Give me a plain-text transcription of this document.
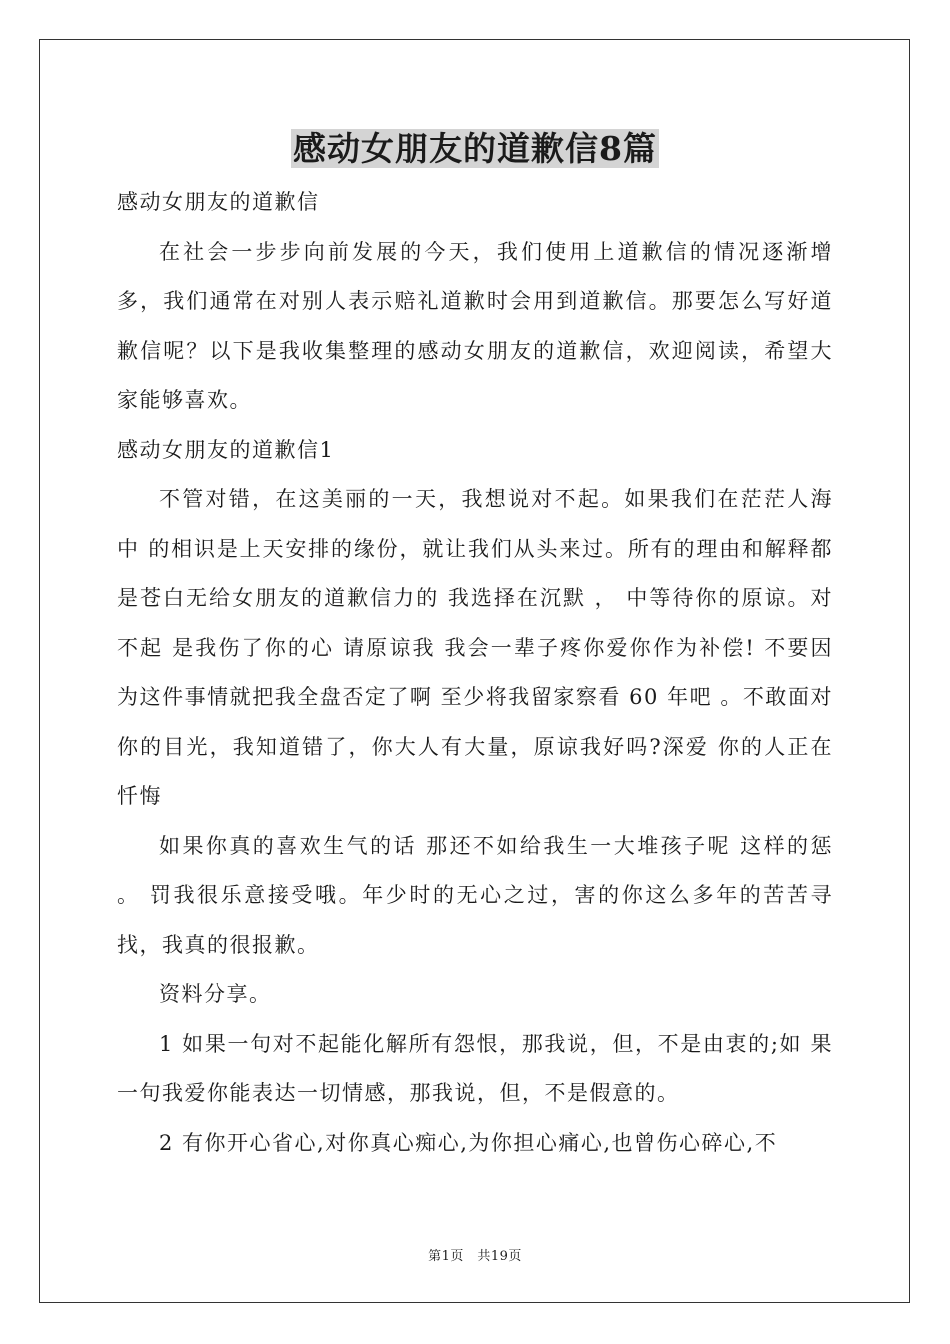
感动女朋友的道歉信8篇

感动女朋友的道歉信

在社会一步步向前发展的今天，我们使用上道歉信的情况逐渐增多，我们通常在对别人表示赔礼道歉时会用到道歉信。那要怎么写好道歉信呢？以下是我收集整理的感动女朋友的道歉信，欢迎阅读，希望大家能够喜欢。

感动女朋友的道歉信1

不管对错，在这美丽的一天，我想说对不起。如果我们在茫茫人海中 的相识是上天安排的缘份，就让我们从头来过。所有的理由和解释都是苍白无给女朋友的道歉信力的 我选择在沉默 ， 中等待你的原谅。对不起 是我伤了你的心 请原谅我 我会一辈子疼你爱你作为补偿! 不要因为这件事情就把我全盘否定了啊 至少将我留家察看 60 年吧 。不敢面对你的目光，我知道错了，你大人有大量，原谅我好吗?深爱 你的人正在忏悔

如果你真的喜欢生气的话 那还不如给我生一大堆孩子呢 这样的惩 。 罚我很乐意接受哦。年少时的无心之过，害的你这么多年的苦苦寻找，我真的很报歉。

资料分享。

1 如果一句对不起能化解所有怨恨，那我说，但，不是由衷的;如 果一句我爱你能表达一切情感，那我说，但，不是假意的。

2 有你开心省心,对你真心痴心,为你担心痛心,也曾伤心碎心,不

第1页　共19页
